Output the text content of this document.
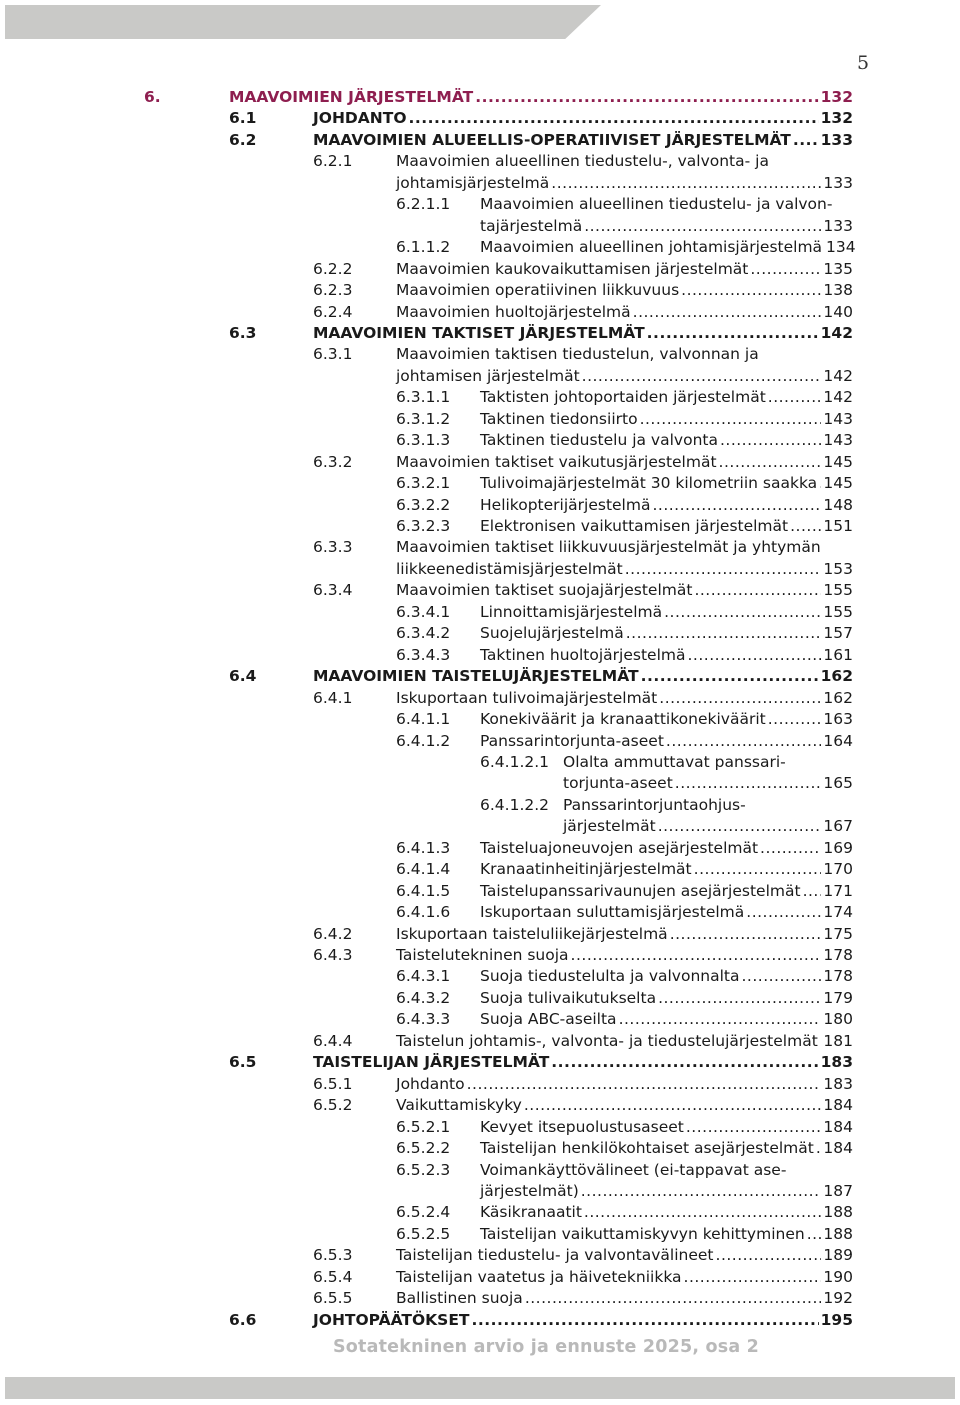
5
6.	MAAVOIMIEN JÄRJESTELMÄT .....	132
6.1	JOHDANTO .....	132
6.2	MAAVOIMIEN ALUEELLIS-OPERATIIVISET JÄRJESTELMÄT ..... 133
6.2.1	Maavoimien alueellinen tiedustelu-, valvonta- ja
johtamisjärjestelmä .....	133
6.2.1.1 Maavoimien alueellinen tiedustelu- ja valvon-
tajärjestelmä .....	133
6.1.1.2 Maavoimien alueellinen johtamisjärjestelmä 134
6.2.2	Maavoimien kaukovaikuttamisen järjestelmät .....	135
6.2.3	Maavoimien operatiivinen liikkuvuus .....	138
6.2.4	Maavoimien huoltojärjestelmä .....	140
6.3	MAAVOIMIEN TAKTISET JÄRJESTELMÄT .....	142
6.3.1	Maavoimien taktisen tiedustelun, valvonnan ja
johtamisen järjestelmät .....	142
6.3.1.1 Taktisten johtoportaiden järjestelmät .....	142
6.3.1.2 Taktinen tiedonsiirto .....	143
6.3.1.3 Taktinen tiedustelu ja valvonta .....	143
6.3.2	Maavoimien taktiset vaikutusjärjestelmät .....	145
6.3.2.1 Tulivoimajärjestelmät 30 kilometriin saakka ..... 145
6.3.2.2 Helikopterijärjestelmä .....	148
6.3.2.3 Elektronisen vaikuttamisen järjestelmät ..... 151
6.3.3	Maavoimien taktiset liikkuvuusjärjestelmät ja yhtymän
liikkeenedistämisjärjestelmät .....	153
6.3.4	Maavoimien taktiset suojajärjestelmät .....	155
6.3.4.1 Linnoittamisjärjestelmä .....	155
6.3.4.2 Suojelujärjestelmä .....	157
6.3.4.3 Taktinen huoltojärjestelmä .....	161
6.4	MAAVOIMIEN TAISTELUJÄRJESTELMÄT .....	162
6.4.1	Iskuportaan tulivoimajärjestelmät .....	162
6.4.1.1 Konekiväärit ja kranaattikonekiväärit .....	163
6.4.1.2 Panssarintorjunta-aseet .....	164
6.4.1.2.1 Olalta ammuttavat panssari-
torjunta-aseet .....	165
6.4.1.2.2 Panssarintorjuntaohjus-
järjestelmät .....	167
6.4.1.3 Taisteluajoneuvojen asejärjestelmät .....	169
6.4.1.4 Kranaatinheitinjärjestelmät .....	170
6.4.1.5 Taistelupanssarivaunujen asejärjestelmät ..... 171
6.4.1.6 Iskuportaan suluttamisjärjestelmä .....	174
6.4.2	Iskuportaan taisteluliikejärjestelmä .....	175
6.4.3	Taistelutekninen suoja .....	178
6.4.3.1 Suoja tiedustelulta ja valvonnalta .....	178
6.4.3.2 Suoja tulivaikutukselta .....	179
6.4.3.3 Suoja ABC-aseilta .....	180
6.4.4	Taistelun johtamis-, valvonta- ja tiedustelujärjestelmät ..... 181
6.5	TAISTELIJAN JÄRJESTELMÄT .....	183
6.5.1	Johdanto .....	183
6.5.2	Vaikuttamiskyky .....	184
6.5.2.1 Kevyet itsepuolustusaseet .....	184
6.5.2.2 Taistelijan henkilökohtaiset asejärjestelmät ..... 184
6.5.2.3 Voimankäyttövälineet (ei-tappavat ase-
järjestelmät) .....	187
6.5.2.4 Käsikranaatit .....	188
6.5.2.5 Taistelijan vaikuttamiskyvyn kehittyminen ..... 188
6.5.3	Taistelijan tiedustelu- ja valvontavälineet .....	189
6.5.4	Taistelijan vaatetus ja häivetekniikka .....	190
6.5.5	Ballistinen suoja .....	192
6.6	JOHTOPÄÄTÖKSET .....	195
Sotatekninen arvio ja ennuste 2025, osa 2
